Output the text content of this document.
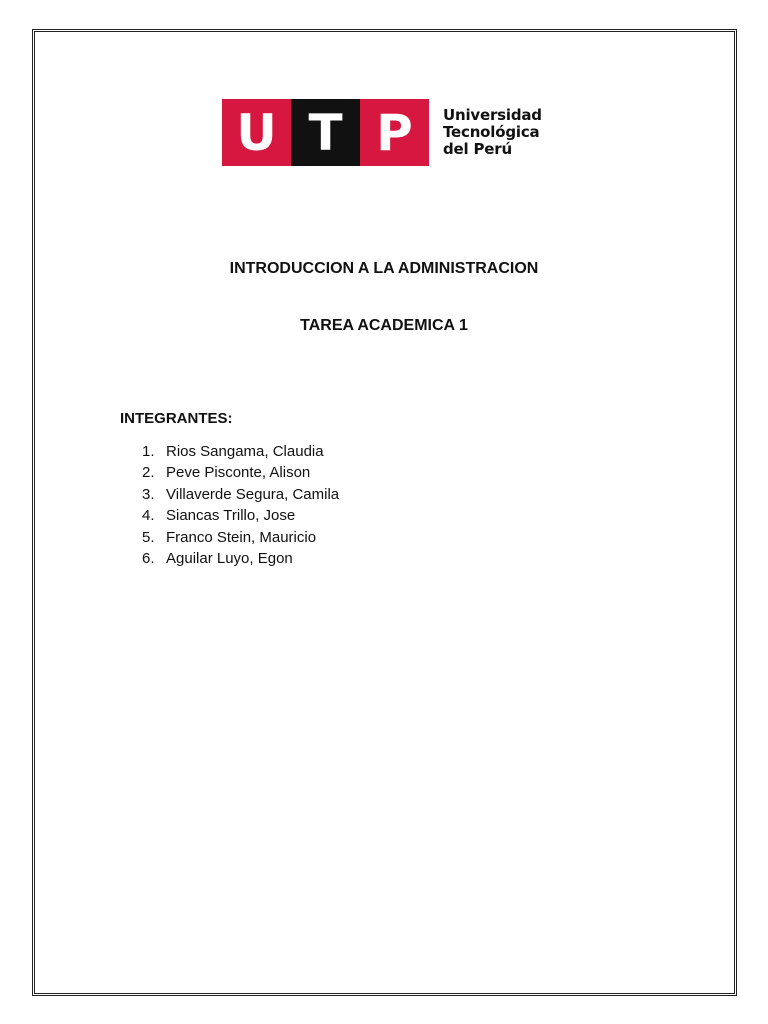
U T P	Universidad
Tecnológica
del Perú
INTRODUCCION A LA ADMINISTRACION
TAREA ACADEMICA 1
INTEGRANTES:
1. Rios Sangama, Claudia
2. Peve Pisconte, Alison
3. Villaverde Segura, Camila
4. Siancas Trillo, Jose
5. Franco Stein, Mauricio
6. Aguilar Luyo, Egon
